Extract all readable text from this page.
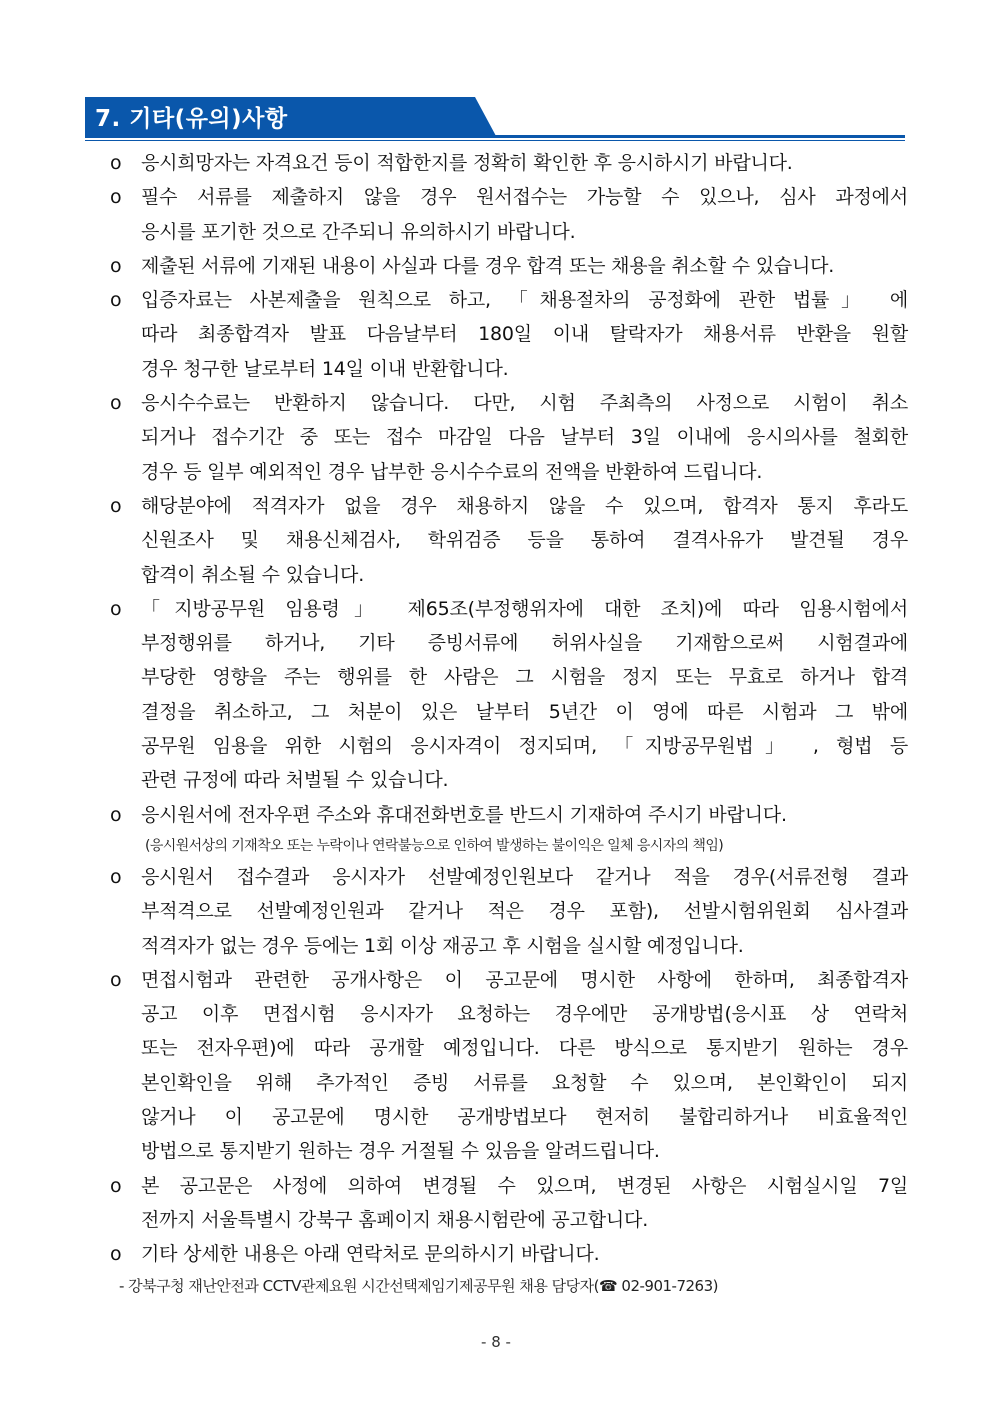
7. 기타(유의)사항
o 응시희망자는 자격요건 등이 적합한지를 정확히 확인한 후 응시하시기 바랍니다.
o 필수 서류를 제출하지 않을 경우 원서접수는 가능할 수 있으나, 심사 과정에서
응시를 포기한 것으로 간주되니 유의하시기 바랍니다.
o 제출된 서류에 기재된 내용이 사실과 다를 경우 합격 또는 채용을 취소할 수 있습니다.
o 입증자료는 사본제출을 원칙으로 하고, 「채용절차의 공정화에 관한 법률」 에
따라 최종합격자 발표 다음날부터 180일 이내 탈락자가 채용서류 반환을 원할
경우 청구한 날로부터 14일 이내 반환합니다.
o 응시수수료는 반환하지 않습니다. 다만, 시험 주최측의 사정으로 시험이 취소
되거나 접수기간 중 또는 접수 마감일 다음 날부터 3일 이내에 응시의사를 철회한
경우 등 일부 예외적인 경우 납부한 응시수수료의 전액을 반환하여 드립니다.
o 해당분야에 적격자가 없을 경우 채용하지 않을 수 있으며, 합격자 통지 후라도
신원조사 및 채용신체검사, 학위검증 등을 통하여 결격사유가 발견될 경우
합격이 취소될 수 있습니다.
o 「지방공무원 임용령」 제65조(부정행위자에 대한 조치)에 따라 임용시험에서
부정행위를 하거나, 기타 증빙서류에 허위사실을 기재함으로써 시험결과에
부당한 영향을 주는 행위를 한 사람은 그 시험을 정지 또는 무효로 하거나 합격
결정을 취소하고, 그 처분이 있은 날부터 5년간 이 영에 따른 시험과 그 밖에
공무원 임용을 위한 시험의 응시자격이 정지되며, 「지방공무원법」 , 형법 등
관련 규정에 따라 처벌될 수 있습니다.
o 응시원서에 전자우편 주소와 휴대전화번호를 반드시 기재하여 주시기 바랍니다.
(응시원서상의 기재착오 또는 누락이나 연락불능으로 인하여 발생하는 불이익은 일체 응시자의 책임)
o 응시원서 접수결과 응시자가 선발예정인원보다 같거나 적을 경우(서류전형 결과
부적격으로 선발예정인원과 같거나 적은 경우 포함), 선발시험위원회 심사결과
적격자가 없는 경우 등에는 1회 이상 재공고 후 시험을 실시할 예정입니다.
o 면접시험과 관련한 공개사항은 이 공고문에 명시한 사항에 한하며, 최종합격자
공고 이후 면접시험 응시자가 요청하는 경우에만 공개방법(응시표 상 연락처
또는 전자우편)에 따라 공개할 예정입니다. 다른 방식으로 통지받기 원하는 경우
본인확인을 위해 추가적인 증빙 서류를 요청할 수 있으며, 본인확인이 되지
않거나 이 공고문에 명시한 공개방법보다 현저히 불합리하거나 비효율적인
방법으로 통지받기 원하는 경우 거절될 수 있음을 알려드립니다.
o 본 공고문은 사정에 의하여 변경될 수 있으며, 변경된 사항은 시험실시일 7일
전까지 서울특별시 강북구 홈페이지 채용시험란에 공고합니다.
o 기타 상세한 내용은 아래 연락처로 문의하시기 바랍니다.
- 강북구청 재난안전과 CCTV관제요원 시간선택제임기제공무원 채용 담당자(☎ 02-901-7263)
- 8 -
